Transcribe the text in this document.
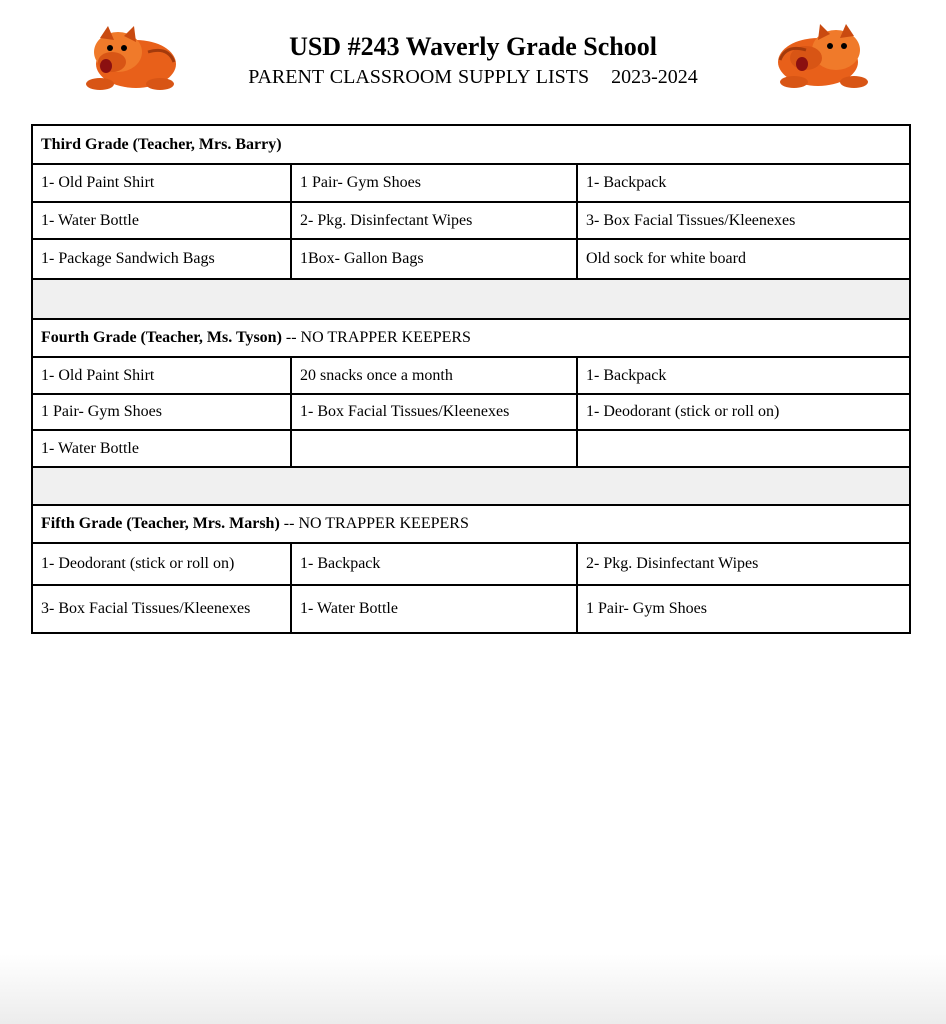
USD #243 Waverly Grade School
PARENT CLASSROOM SUPPLY LISTS 2023-2024
Third Grade (Teacher, Mrs. Barry)		
1- Old Paint Shirt	1 Pair- Gym Shoes	1- Backpack
1- Water Bottle	2- Pkg. Disinfectant Wipes	3- Box Facial Tissues/Kleenexes
1- Package Sandwich Bags	1Box- Gallon Bags	Old sock for white board

Fourth Grade (Teacher, Ms. Tyson) -- NO TRAPPER KEEPERS		
1- Old Paint Shirt	20 snacks once a month	1- Backpack
1 Pair- Gym Shoes	1- Box Facial Tissues/Kleenexes	1- Deodorant (stick or roll on)
1- Water Bottle		

Fifth Grade (Teacher, Mrs. Marsh) -- NO TRAPPER KEEPERS		
1- Deodorant (stick or roll on)	1- Backpack	2- Pkg. Disinfectant Wipes
3- Box Facial Tissues/Kleenexes	1- Water Bottle	1 Pair- Gym Shoes
